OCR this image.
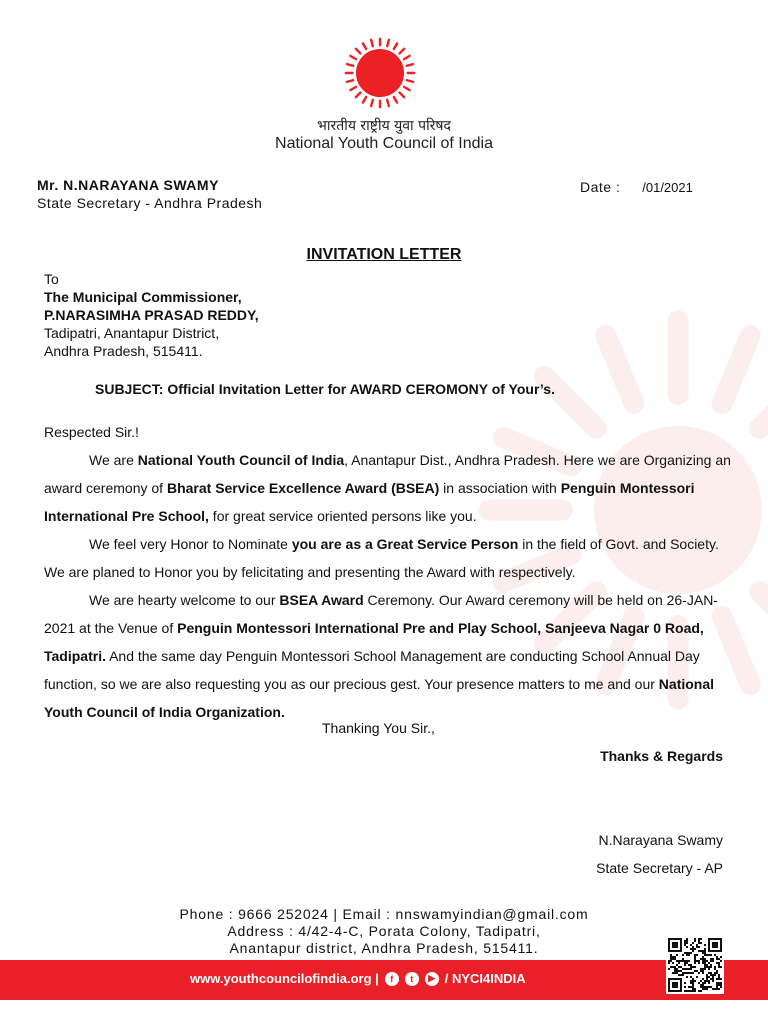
भारतीय राष्ट्रीय युवा परिषद
National Youth Council of India
Mr. N.NARAYANA SWAMY
State Secretary - Andhra Pradesh
Date : /01/2021
INVITATION LETTER
To
The Municipal Commissioner,
P.NARASIMHA PRASAD REDDY,
Tadipatri, Anantapur District,
Andhra Pradesh, 515411.
SUBJECT: Official Invitation Letter for AWARD CEROMONY of Your’s.

Respected Sir.!

We are National Youth Council of India, Anantapur Dist., Andhra Pradesh. Here we are Organizing an award ceremony of Bharat Service Excellence Award (BSEA) in association with Penguin Montessori International Pre School, for great service oriented persons like you.

We feel very Honor to Nominate you are as a Great Service Person in the field of Govt. and Society. We are planed to Honor you by felicitating and presenting the Award with respectively.

We are hearty welcome to our BSEA Award Ceremony. Our Award ceremony will be held on 26-JAN-2021 at the Venue of Penguin Montessori International Pre and Play School, Sanjeeva Nagar 0 Road, Tadipatri. And the same day Penguin Montessori School Management are conducting School Annual Day function, so we are also requesting you as our precious gest. Your presence matters to me and our National Youth Council of India Organization.

Thanking You Sir.,
Thanks & Regards
N.Narayana Swamy
State Secretary - AP
Phone : 9666 252024 | Email : nnswamyindian@gmail.com
Address : 4/42-4-C, Porata Colony, Tadipatri,
Anantapur district, Andhra Pradesh, 515411.
www.youthcouncilofindia.org |	f	t	▶ / NYCI4INDIA
